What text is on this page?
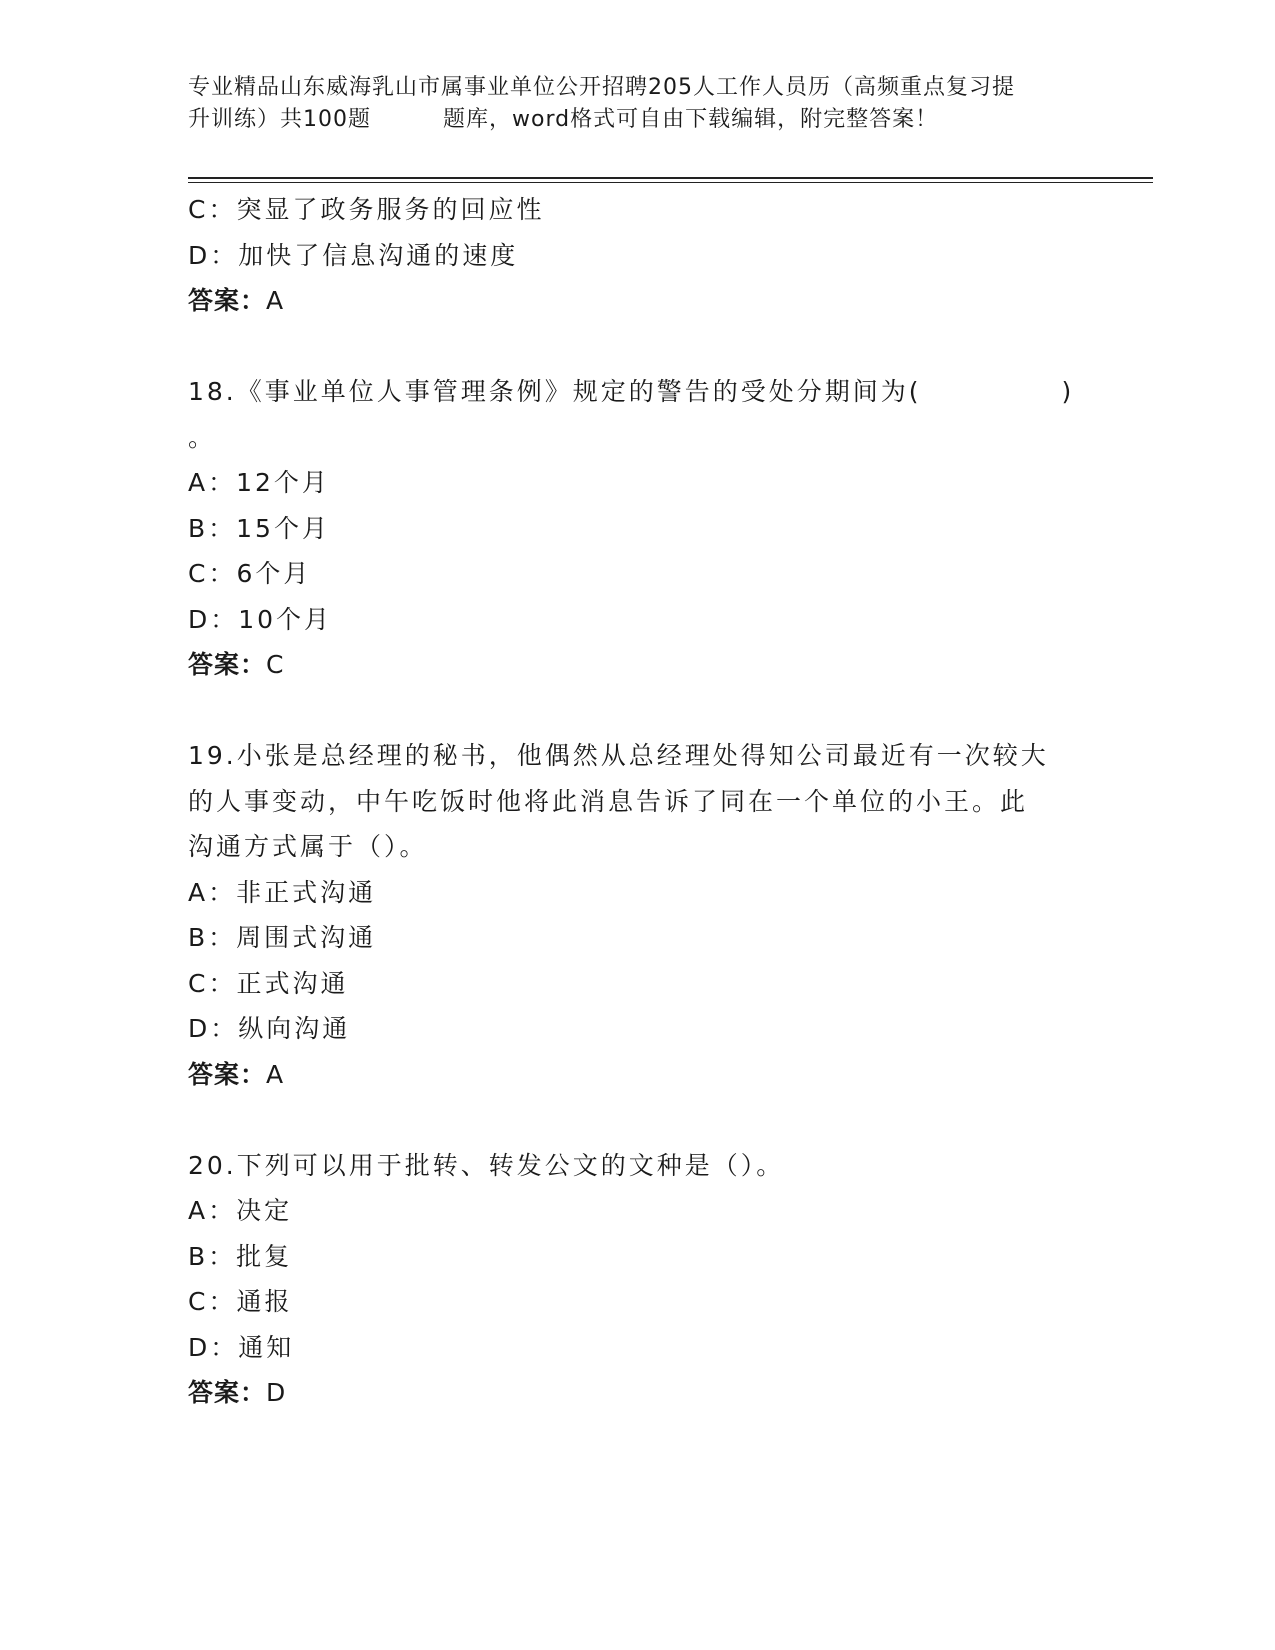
专业精品山东威海乳山市属事业单位公开招聘205人工作人员历（高频重点复习提
升训练）共100题	题库，word格式可自由下载编辑，附完整答案！
C：突显了政务服务的回应性
D：加快了信息沟通的速度
答案：A
18.《事业单位人事管理条例》规定的警告的受处分期间为(　　　　　)
。
A：12个月
B：15个月
C：6个月
D：10个月
答案：C
19.小张是总经理的秘书，他偶然从总经理处得知公司最近有一次较大
的人事变动，中午吃饭时他将此消息告诉了同在一个单位的小王。此
沟通方式属于（）。
A：非正式沟通
B：周围式沟通
C：正式沟通
D：纵向沟通
答案：A
20.下列可以用于批转、转发公文的文种是（）。
A：决定
B：批复
C：通报
D：通知
答案：D
